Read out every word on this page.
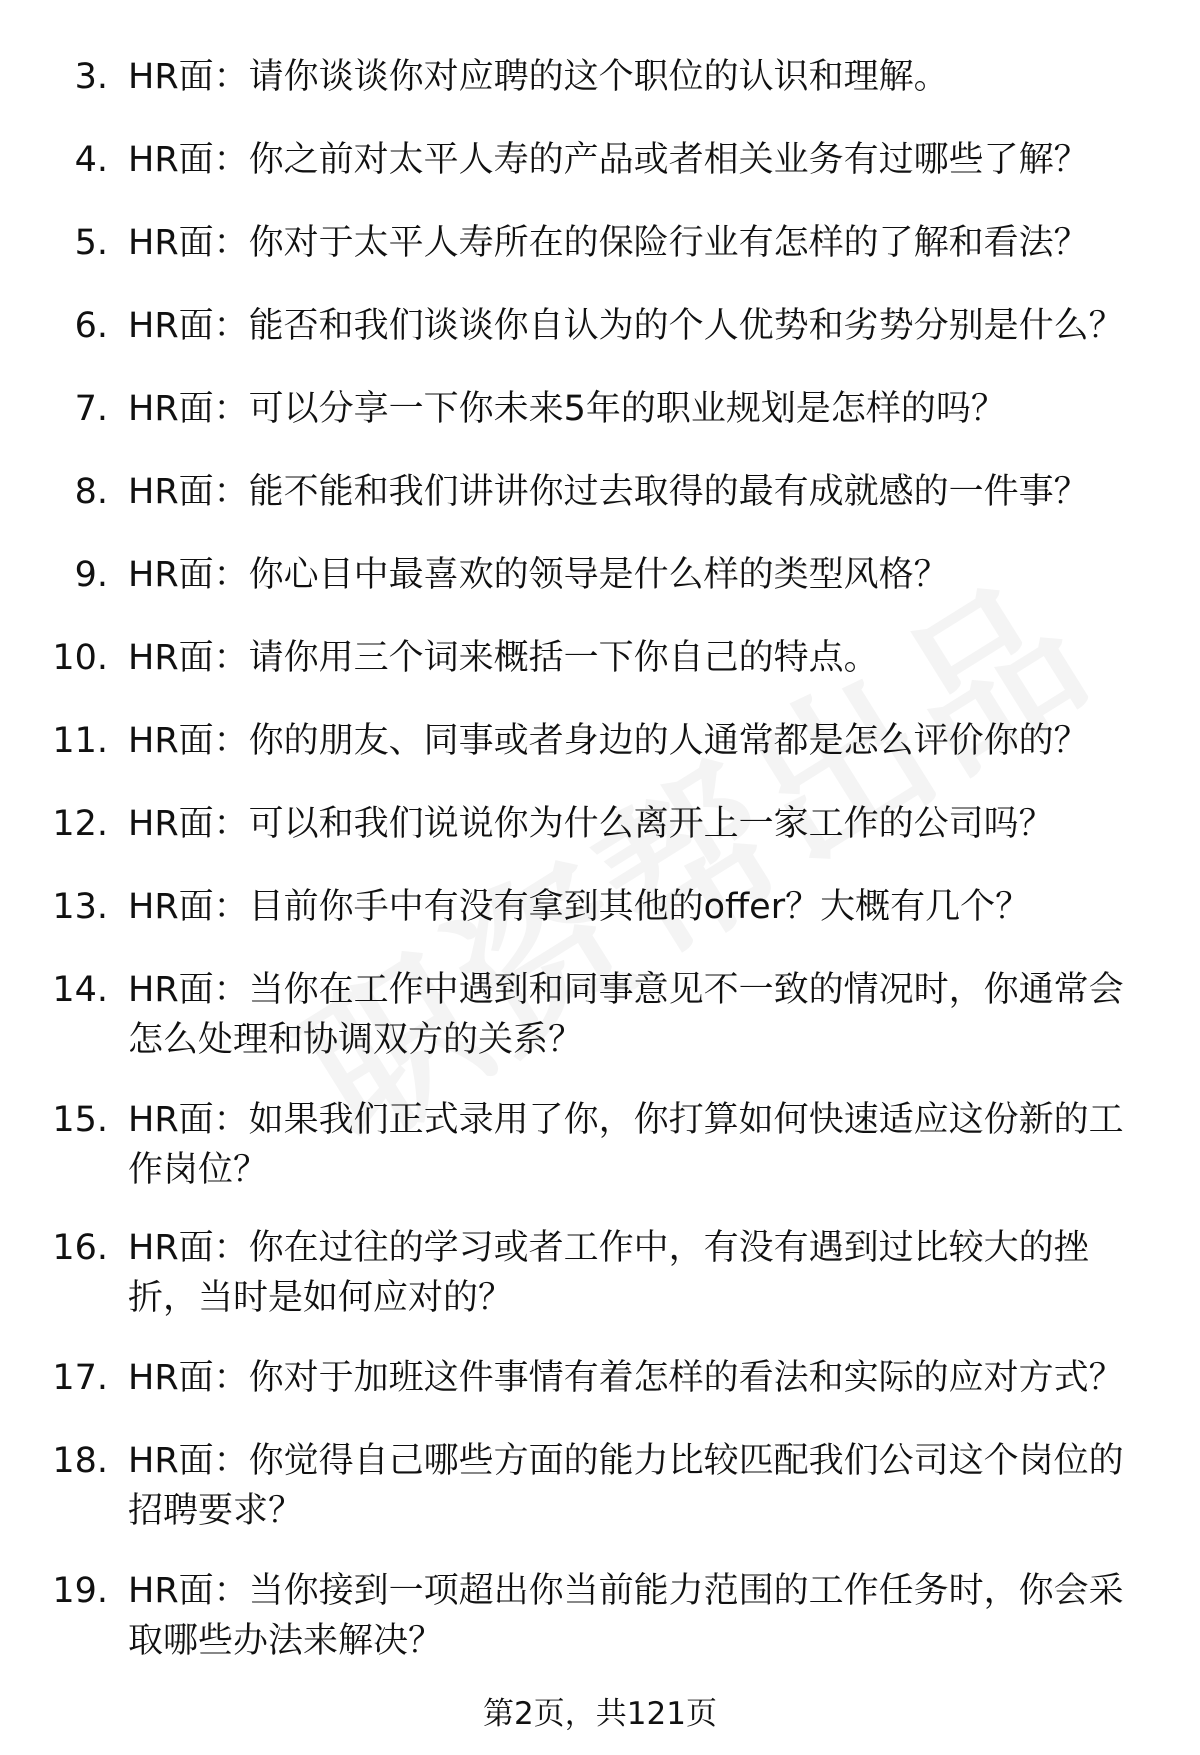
3. HR面：请你谈谈你对应聘的这个职位的认识和理解。
4. HR面：你之前对太平人寿的产品或者相关业务有过哪些了解？
5. HR面：你对于太平人寿所在的保险行业有怎样的了解和看法？
6. HR面：能否和我们谈谈你自认为的个人优势和劣势分别是什么？
7. HR面：可以分享一下你未来5年的职业规划是怎样的吗？
8. HR面：能不能和我们讲讲你过去取得的最有成就感的一件事？
9. HR面：你心目中最喜欢的领导是什么样的类型风格？
10. HR面：请你用三个词来概括一下你自己的特点。
11. HR面：你的朋友、同事或者身边的人通常都是怎么评价你的？
12. HR面：可以和我们说说你为什么离开上一家工作的公司吗？
13. HR面：目前你手中有没有拿到其他的offer？大概有几个？
14. HR面：当你在工作中遇到和同事意见不一致的情况时，你通常会
怎么处理和协调双方的关系？
15. HR面：如果我们正式录用了你，你打算如何快速适应这份新的工
作岗位？
16. HR面：你在过往的学习或者工作中，有没有遇到过比较大的挫
折，当时是如何应对的？
17. HR面：你对于加班这件事情有着怎样的看法和实际的应对方式？
18. HR面：你觉得自己哪些方面的能力比较匹配我们公司这个岗位的
招聘要求？
19. HR面：当你接到一项超出你当前能力范围的工作任务时，你会采
取哪些办法来解决？
第2页，共121页
